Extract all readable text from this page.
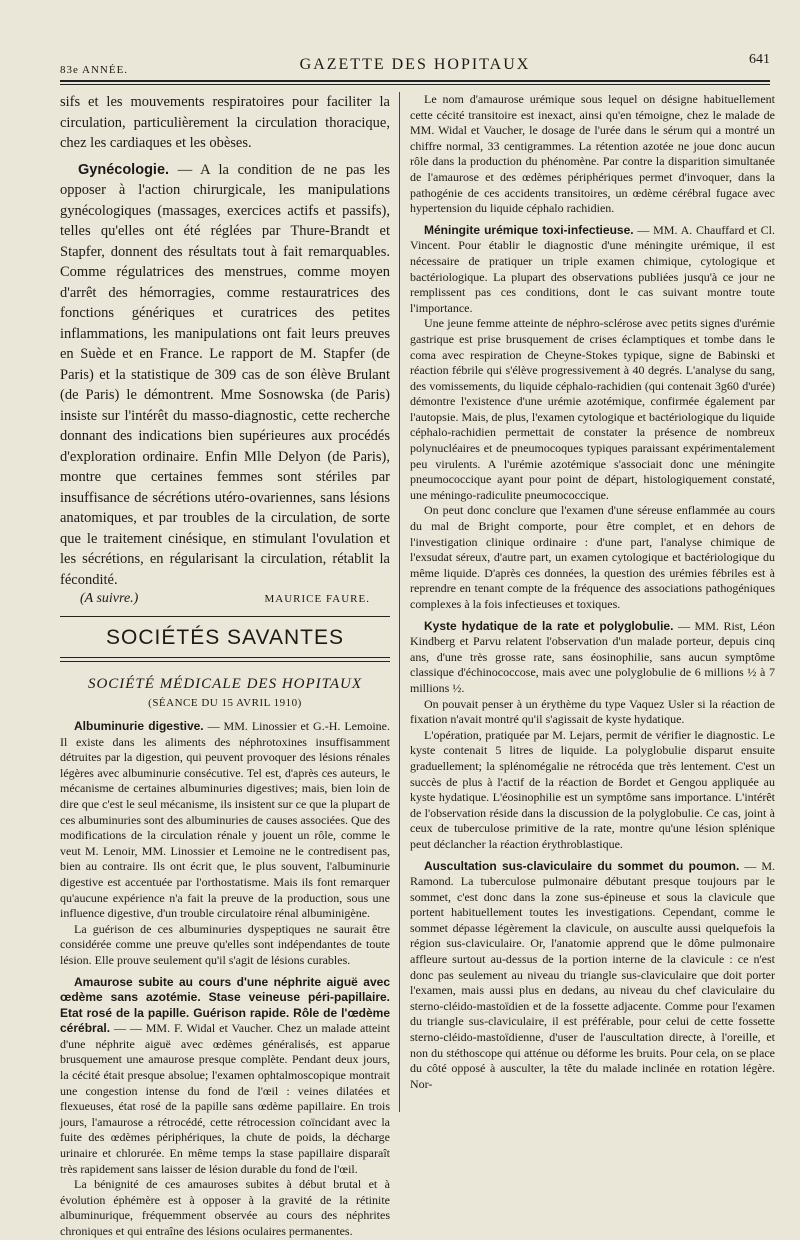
83e ANNÉE.	GAZETTE DES HOPITAUX	641

sifs et les mouvements respiratoires pour faciliter la circulation, particulièrement la circulation thoracique, chez les cardiaques et les obèses.

Gynécologie. — A la condition de ne pas les opposer à l'action chirurgicale, les manipulations gynécologiques (massages, exercices actifs et passifs), telles qu'elles ont été réglées par Thure-Brandt et Stapfer, donnent des résultats tout à fait remarquables. Comme régulatrices des menstrues, comme moyen d'arrêt des hémorragies, comme restauratrices des fonctions génériques et curatrices des petites inflammations, les manipulations ont fait leurs preuves en Suède et en France. Le rapport de M. Stapfer (de Paris) et la statistique de 309 cas de son élève Brulant (de Paris) le démontrent. Mme Sosnowska (de Paris) insiste sur l'intérêt du masso-diagnostic, cette recherche donnant des indications bien supérieures aux procédés d'exploration ordinaire. Enfin Mlle Delyon (de Paris), montre que certaines femmes sont stériles par insuffisance de sécrétions utéro-ovariennes, sans lésions anatomiques, et par troubles de la circulation, de sorte que le traitement cinésique, en stimulant l'ovulation et les sécrétions, en régularisant la circulation, rétablit la fécondité.

(A suivre.)	MAURICE FAURE.
SOCIÉTÉS SAVANTES
SOCIÉTÉ MÉDICALE DES HOPITAUX
(SÉANCE DU 15 AVRIL 1910)

Albuminurie digestive. — MM. Linossier et G.-H. Lemoine. Il existe dans les aliments des néphrotoxines insuffisamment détruites par la digestion, qui peuvent provoquer des lésions rénales légères avec albuminurie consécutive. Tel est, d'après ces auteurs, le mécanisme de certaines albuminuries digestives; mais, bien loin de dire que c'est le seul mécanisme, ils insistent sur ce que la plupart de ces albuminuries sont des albuminuries de causes associées. Que des modifications de la circulation rénale y jouent un rôle, comme le veut M. Lenoir, MM. Linossier et Lemoine ne le contredisent pas, bien au contraire. Ils ont écrit que, le plus souvent, l'albuminurie digestive est accentuée par l'orthostatisme. Mais ils font remarquer qu'aucune expérience n'a fait la preuve de la production, sous une influence digestive, d'un trouble circulatoire rénal albuminigène.

La guérison de ces albuminuries dyspeptiques ne saurait être considérée comme une preuve qu'elles sont indépendantes de toute lésion. Elle prouve seulement qu'il s'agit de lésions curables.

Amaurose subite au cours d'une néphrite aiguë avec œdème sans azotémie. Stase veineuse péri-papillaire. Etat rosé de la papille. Guérison rapide. Rôle de l'œdème cérébral. — — MM. F. Widal et Vaucher. Chez un malade atteint d'une néphrite aiguë avec œdèmes généralisés, est apparue brusquement une amaurose presque complète. Pendant deux jours, la cécité était presque absolue; l'examen ophtalmoscopique montrait une congestion intense du fond de l'œil : veines dilatées et flexueuses, état rosé de la papille sans œdème papillaire. En trois jours, l'amaurose a rétrocédé, cette rétrocession coïncidant avec la fuite des œdèmes périphériques, la chute de poids, la décharge urinaire et chlorurée. En même temps la stase papillaire disparaît très rapidement sans laisser de lésion durable du fond de l'œil.

La bénignité de ces amauroses subites à début brutal et à évolution éphémère est à opposer à la gravité de la rétinite albuminurique, fréquemment observée au cours des néphrites chroniques et qui entraîne des lésions oculaires permanentes.

Le nom d'amaurose urémique sous lequel on désigne habituellement cette cécité transitoire est inexact, ainsi qu'en témoigne, chez le malade de MM. Widal et Vaucher, le dosage de l'urée dans le sérum qui a montré un chiffre normal, 33 centigrammes. La rétention azotée ne joue donc aucun rôle dans la production du phénomène. Par contre la disparition simultanée de l'amaurose et des œdèmes périphériques permet d'invoquer, dans la pathogénie de ces accidents transitoires, un œdème cérébral fugace avec hypertension du liquide céphalo rachidien.

Méningite urémique toxi-infectieuse. — MM. A. Chauffard et Cl. Vincent. Pour établir le diagnostic d'une méningite urémique, il est nécessaire de pratiquer un triple examen chimique, cytologique et bactériologique. La plupart des observations publiées jusqu'à ce jour ne remplissent pas ces conditions, dont le cas suivant montre toute l'importance.

Une jeune femme atteinte de néphro-sclérose avec petits signes d'urémie gastrique est prise brusquement de crises éclamptiques et tombe dans le coma avec respiration de Cheyne-Stokes typique, signe de Babinski et réaction fébrile qui s'élève progressivement à 40 degrés. L'analyse du sang, des vomissements, du liquide céphalo-rachidien (qui contenait 3g60 d'urée) démontre l'existence d'une urémie azotémique, confirmée également par l'autopsie. Mais, de plus, l'examen cytologique et bactériologique du liquide céphalo-rachidien permettait de constater la présence de nombreux polynucléaires et de pneumocoques typiques paraissant expérimentalement peu virulents. A l'urémie azotémique s'associait donc une méningite pneumococcique ayant pour point de départ, histologiquement constaté, une méningo-radiculite pneumococcique.

On peut donc conclure que l'examen d'une séreuse enflammée au cours du mal de Bright comporte, pour être complet, et en dehors de l'investigation clinique ordinaire : d'une part, l'analyse chimique de l'exsudat séreux, d'autre part, un examen cytologique et bactériologique du même liquide. D'après ces données, la question des urémies fébriles est à reprendre en tenant compte de la fréquence des associations pathogéniques complexes à la fois infectieuses et toxiques.

Kyste hydatique de la rate et polyglobulie. — MM. Rist, Léon Kindberg et Parvu relatent l'observation d'un malade porteur, depuis cinq ans, d'une très grosse rate, sans éosinophilie, sans aucun symptôme classique d'échinococcose, mais avec une polyglobulie de 6 millions ½ à 7 millions ½.

On pouvait penser à un érythème du type Vaquez Usler si la réaction de fixation n'avait montré qu'il s'agissait de kyste hydatique.

L'opération, pratiquée par M. Lejars, permit de vérifier le diagnostic. Le kyste contenait 5 litres de liquide. La polyglobulie disparut ensuite graduellement; la splénomégalie ne rétrocéda que très lentement. C'est un succès de plus à l'actif de la réaction de Bordet et Gengou appliquée au kyste hydatique. L'éosinophilie est un symptôme sans importance. L'intérêt de l'observation réside dans la discussion de la polyglobulie. Ce cas, joint à ceux de tuberculose primitive de la rate, montre qu'une lésion splénique peut déclancher la réaction érythroblastique.

Auscultation sus-claviculaire du sommet du poumon. — M. Ramond. La tuberculose pulmonaire débutant presque toujours par le sommet, c'est donc dans la zone sus-épineuse et sous la clavicule que portent habituellement toutes les investigations. Cependant, comme le sommet dépasse légèrement la clavicule, on ausculte aussi quelquefois la région sus-claviculaire. Or, l'anatomie apprend que le dôme pulmonaire affleure surtout au-dessus de la portion interne de la clavicule : ce n'est donc pas seulement au niveau du triangle sus-claviculaire que doit porter l'examen, mais aussi plus en dedans, au niveau du chef claviculaire du sterno-cléido-mastoïdien et de la fossette adjacente. Comme pour l'examen du triangle sus-claviculaire, il est préférable, pour celui de cette fossette sterno-cléido-mastoïdienne, d'user de l'auscultation directe, à l'oreille, et non du stéthoscope qui atténue ou déforme les bruits. Pour cela, on se place du côté opposé à ausculter, la tête du malade inclinée en rotation légère. Nor-
